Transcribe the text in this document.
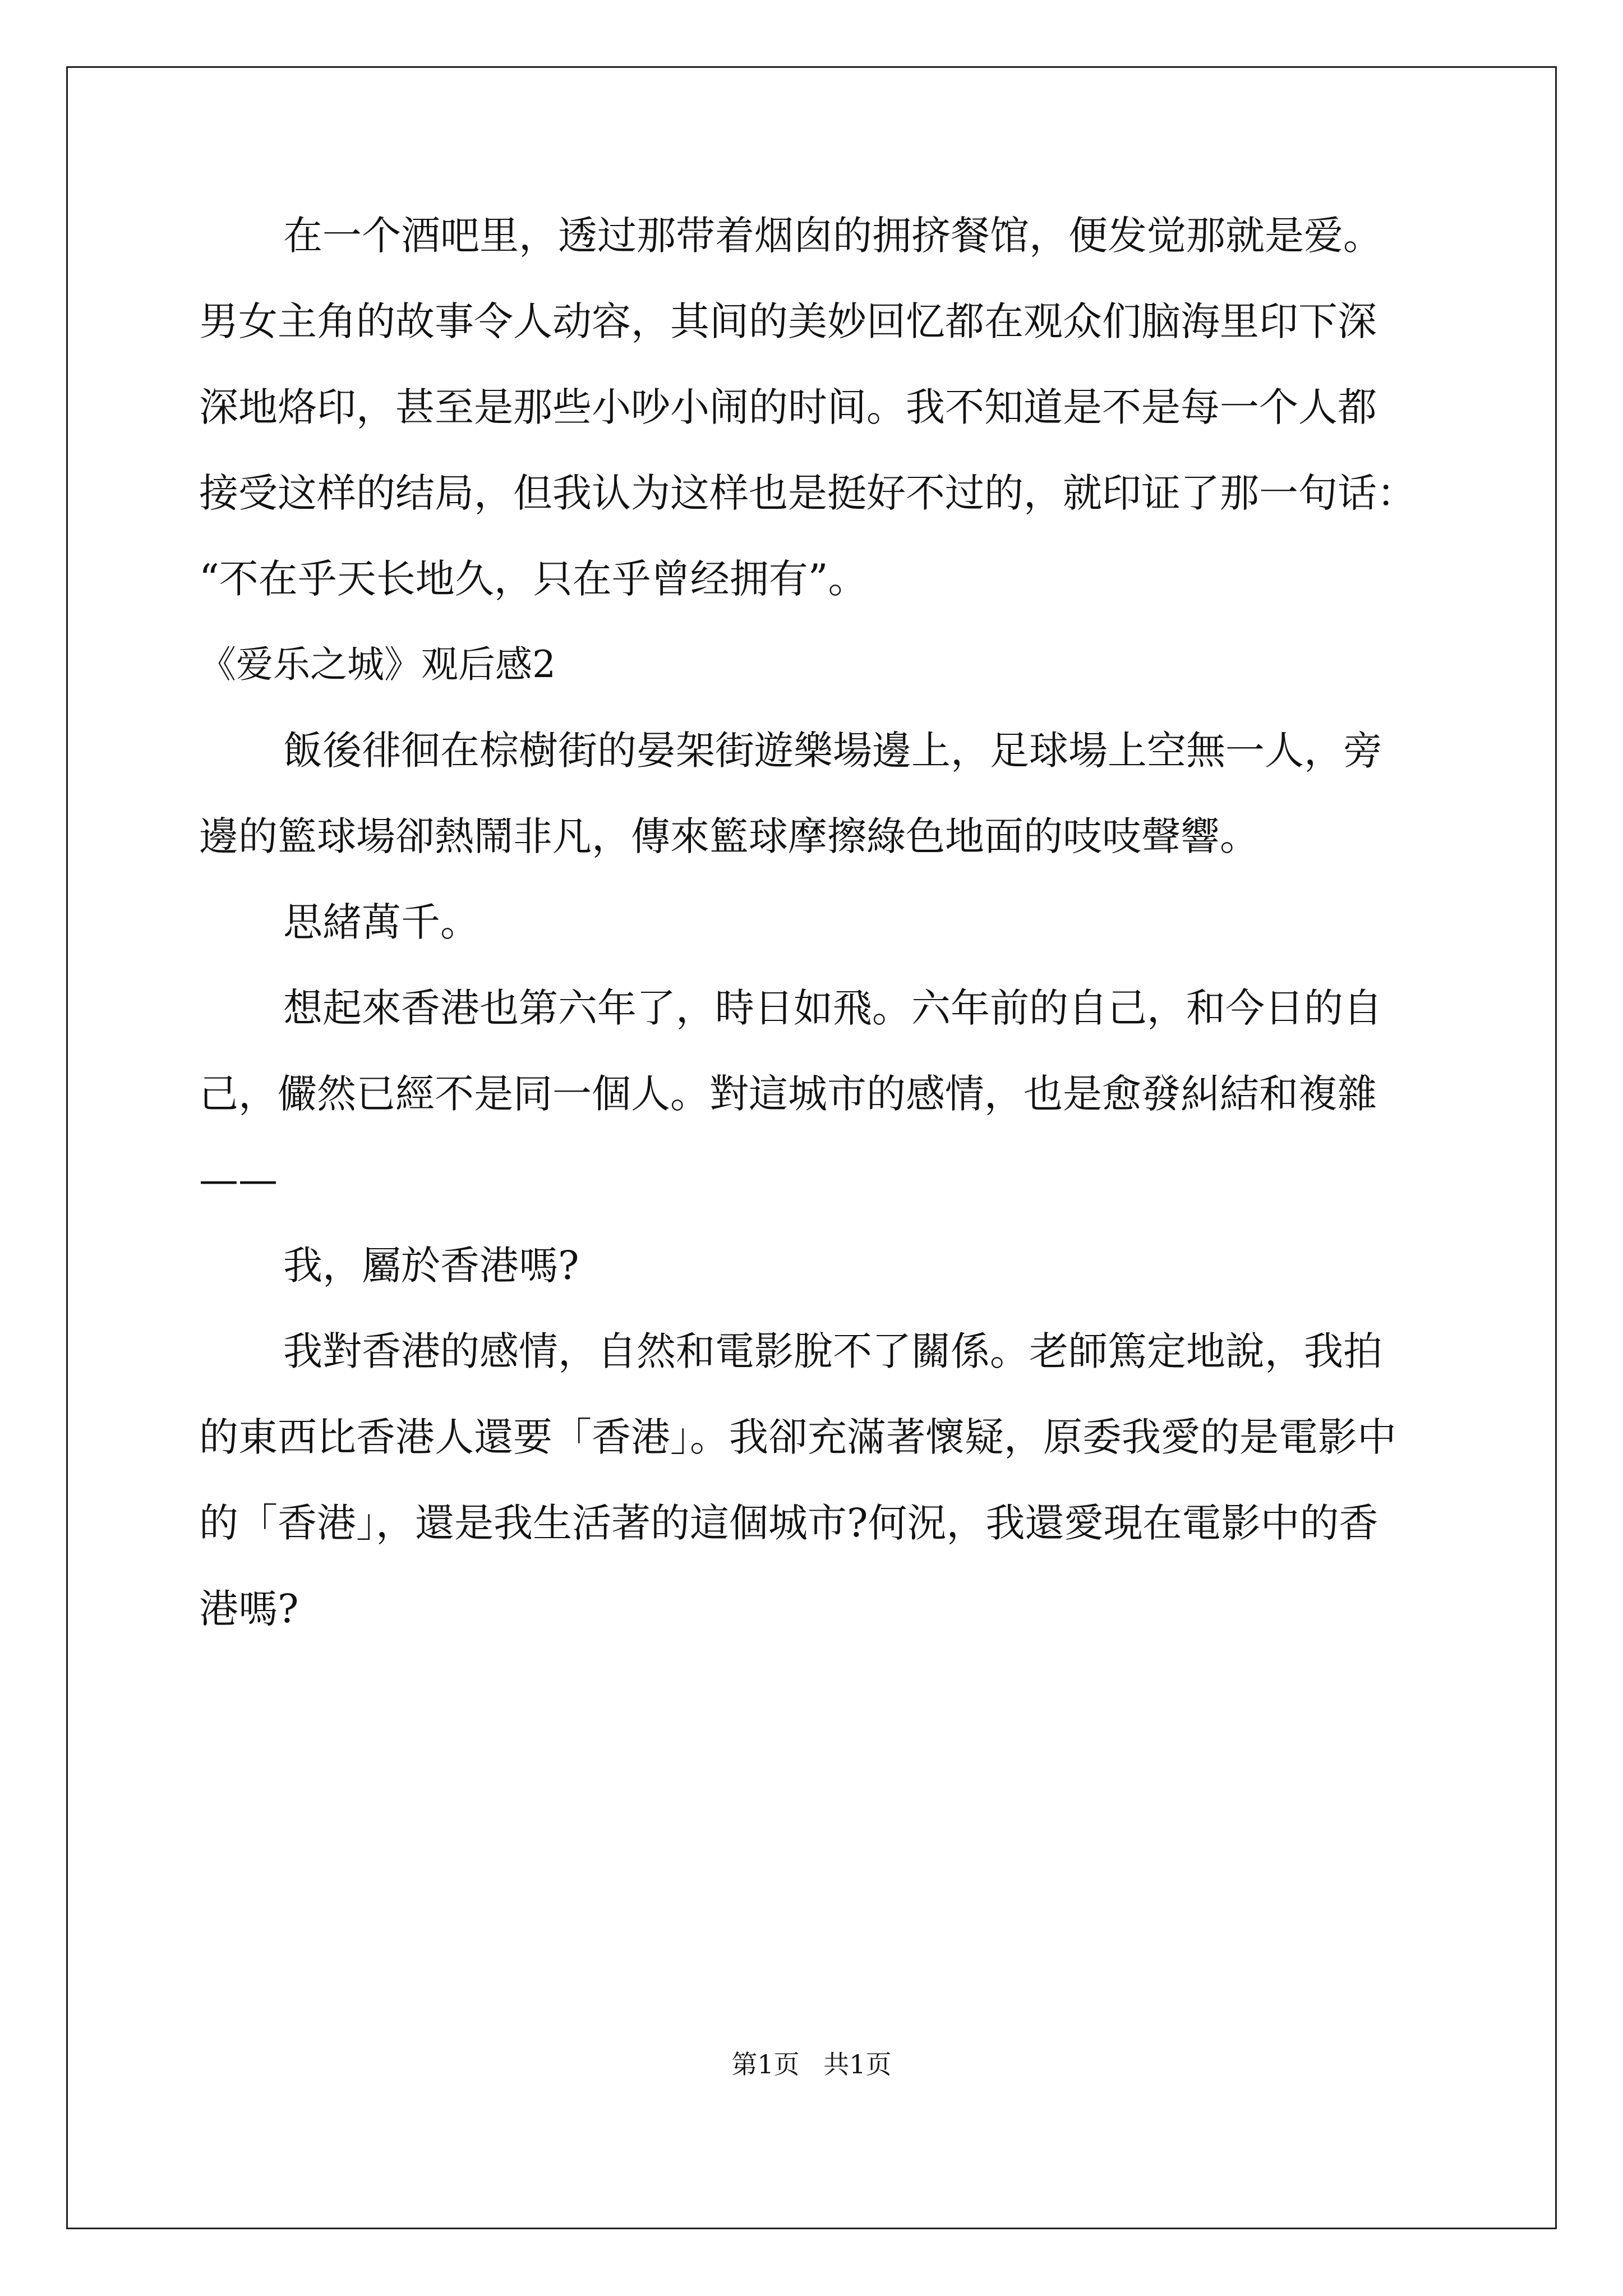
在一个酒吧里，透过那带着烟囱的拥挤餐馆，便发觉那就是爱。
男女主角的故事令人动容，其间的美妙回忆都在观众们脑海里印下深
深地烙印，甚至是那些小吵小闹的时间。我不知道是不是每一个人都
接受这样的结局，但我认为这样也是挺好不过的，就印证了那一句话：
“不在乎天长地久，只在乎曾经拥有”。
《爱乐之城》观后感2
飯後徘徊在棕樹街的晏架街遊樂場邊上，足球場上空無一人，旁
邊的籃球場卻熱鬧非凡，傳來籃球摩擦綠色地面的吱吱聲響。
思緒萬千。
想起來香港也第六年了，時日如飛。六年前的自己，和今日的自
己，儼然已經不是同一個人。對這城市的感情，也是愈發糾結和複雜
——
我，屬於香港嗎?
我對香港的感情，自然和電影脫不了關係。老師篤定地說，我拍
的東西比香港人還要「香港」。我卻充滿著懷疑，原委我愛的是電影中
的「香港」，還是我生活著的這個城市?何況，我還愛現在電影中的香
港嗎?
第1页 共1页
